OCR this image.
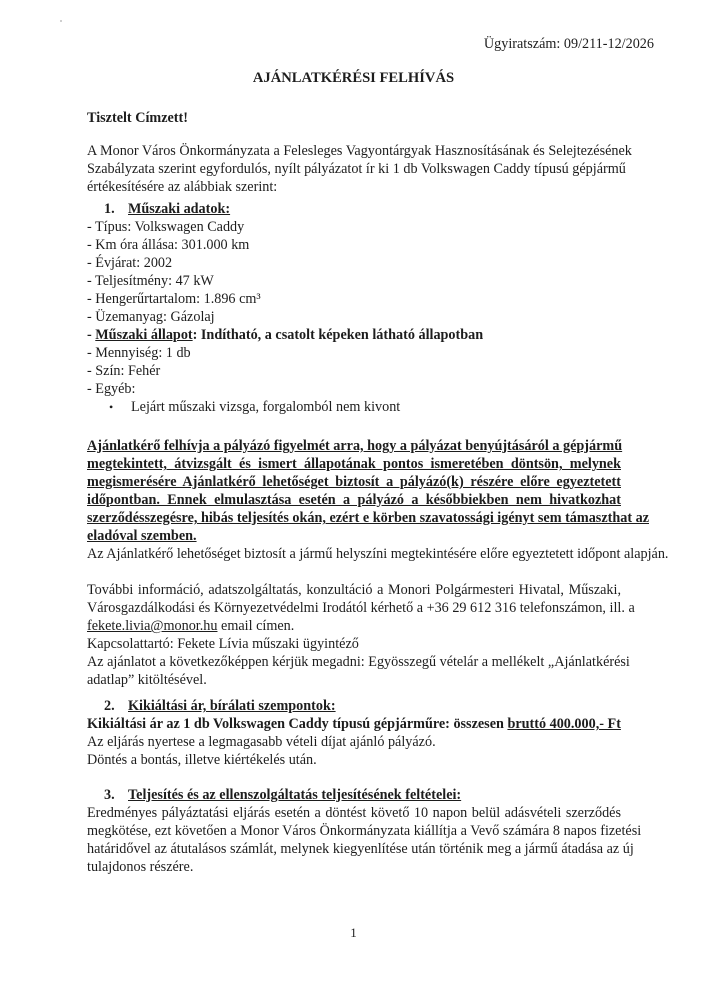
Ügyiratszám: 09/211-12/2026
AJÁNLATKÉRÉSI FELHÍVÁS
Tisztelt Címzett!
A Monor Város Önkormányzata a Felesleges Vagyontárgyak Hasznosításának és Selejtezésének
Szabályzata szerint egyfordulós, nyílt pályázatot ír ki 1 db Volkswagen Caddy típusú gépjármű
értékesítésére az alábbiak szerint:
1. Műszaki adatok:
- Típus: Volkswagen Caddy
- Km óra állása: 301.000 km
- Évjárat: 2002
- Teljesítmény: 47 kW
- Hengerűrtartalom: 1.896 cm³
- Üzemanyag: Gázolaj
- Műszaki állapot: Indítható, a csatolt képeken látható állapotban
- Mennyiség: 1 db
- Szín: Fehér
- Egyéb:
• Lejárt műszaki vizsga, forgalomból nem kivont
Ajánlatkérő felhívja a pályázó figyelmét arra, hogy a pályázat benyújtásáról a gépjármű
megtekintett, átvizsgált és ismert állapotának pontos ismeretében döntsön, melynek
megismerésére Ajánlatkérő lehetőséget biztosít a pályázó(k) részére előre egyeztetett
időpontban. Ennek elmulasztása esetén a pályázó a későbbiekben nem hivatkozhat
szerződésszegésre, hibás teljesítés okán, ezért e körben szavatossági igényt sem támaszthat az
eladóval szemben.
Az Ajánlatkérő lehetőséget biztosít a jármű helyszíni megtekintésére előre egyeztetett időpont alapján.
További információ, adatszolgáltatás, konzultáció a Monori Polgármesteri Hivatal, Műszaki,
Városgazdálkodási és Környezetvédelmi Irodától kérhető a +36 29 612 316 telefonszámon, ill. a
fekete.livia@monor.hu email címen.
Kapcsolattartó: Fekete Lívia műszaki ügyintéző
Az ajánlatot a következőképpen kérjük megadni: Egyösszegű vételár a mellékelt „Ajánlatkérési
adatlap” kitöltésével.
2. Kikiáltási ár, bírálati szempontok:
Kikiáltási ár az 1 db Volkswagen Caddy típusú gépjárműre: összesen bruttó 400.000,- Ft
Az eljárás nyertese a legmagasabb vételi díjat ajánló pályázó.
Döntés a bontás, illetve kiértékelés után.
3. Teljesítés és az ellenszolgáltatás teljesítésének feltételei:
Eredményes pályáztatási eljárás esetén a döntést követő 10 napon belül adásvételi szerződés
megkötése, ezt követően a Monor Város Önkormányzata kiállítja a Vevő számára 8 napos fizetési
határidővel az átutalásos számlát, melynek kiegyenlítése után történik meg a jármű átadása az új
tulajdonos részére.
1
